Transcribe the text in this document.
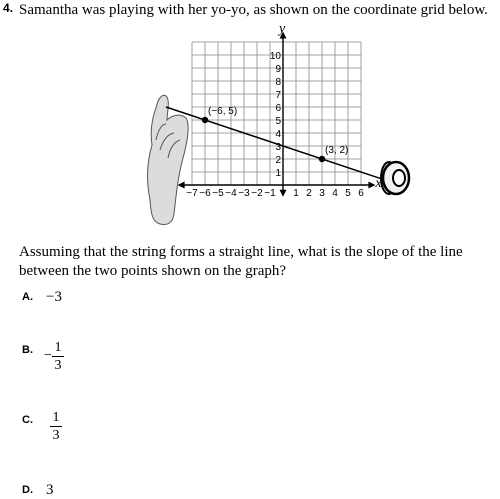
4. Samantha was playing with her yo-yo, as shown on the coordinate grid below.
−7 −6 −5 −4 −3 −2 −1 1 2 3 4 5 6
1
2
3
4
5
6
7
8
9
10
(−6, 5)
(3, 2)
y
x
Assuming that the string forms a straight line, what is the slope of the line between the two points shown on the graph?
A. −3
B. − $\frac{1}{3}$
C. $\frac{1}{3}$
D. 3
